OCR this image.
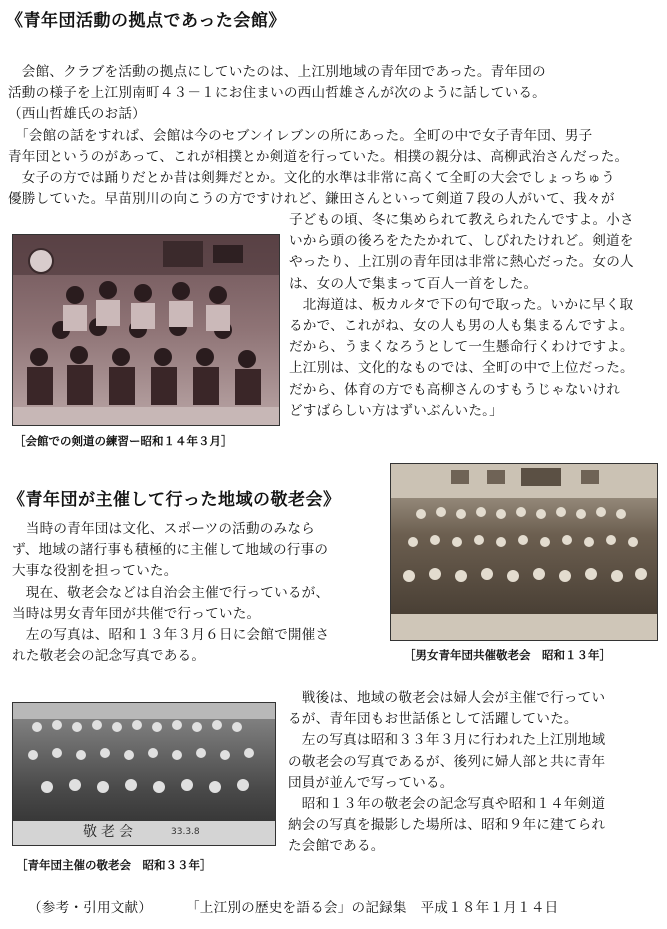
《青年団活動の拠点であった会館》
　会館、クラブを活動の拠点にしていたのは、上江別地域の青年団であった。青年団の
活動の様子を上江別南町４３－１にお住まいの西山哲雄さんが次のように話している。
（西山哲雄氏のお話）
　「会館の話をすれば、会館は今のセブンイレブンの所にあった。全町の中で女子青年団、男子
青年団というのがあって、これが相撲とか剣道を行っていた。相撲の親分は、高柳武治さんだった。
　女子の方では踊りだとか昔は剣舞だとか。文化的水準は非常に高くて全町の大会でしょっちゅう
優勝していた。早苗別川の向こうの方ですけれど、鎌田さんといって剣道７段の人がいて、我々が
［会館での剣道の練習ー昭和１４年３月］
子どもの頃、冬に集められて教えられたんですよ。小さ
いから頭の後ろをたたかれて、しびれたけれど。剣道を
やったり、上江別の青年団は非常に熱心だった。女の人
は、女の人で集まって百人一首をした。
　北海道は、板カルタで下の句で取った。いかに早く取
るかで、これがね、女の人も男の人も集まるんですよ。
だから、うまくなろうとして一生懸命行くわけですよ。
上江別は、文化的なものでは、全町の中で上位だった。
だから、体育の方でも高柳さんのすもうじゃないけれ
どすばらしい方はずいぶんいた。」
《青年団が主催して行った地域の敬老会》
　当時の青年団は文化、スポーツの活動のみなら
ず、地域の諸行事も積極的に主催して地域の行事の
大事な役割を担っていた。
　現在、敬老会などは自治会主催で行っているが、
当時は男女青年団が共催で行っていた。
　左の写真は、昭和１３年３月６日に会館で開催さ
れた敬老会の記念写真である。	［男女青年団共催敬老会　昭和１３年］
敬老会	33.3.8
［青年団主催の敬老会　昭和３３年］
　戦後は、地域の敬老会は婦人会が主催で行ってい
るが、青年団もお世話係として活躍していた。
　左の写真は昭和３３年３月に行われた上江別地域
の敬老会の写真であるが、後列に婦人部と共に青年
団員が並んで写っている。
　昭和１３年の敬老会の記念写真や昭和１４年剣道
納会の写真を撮影した場所は、昭和９年に建てられ
た会館である。
（参考・引用文献） 「上江別の歴史を語る会」の記録集　平成１８年１月１４日
